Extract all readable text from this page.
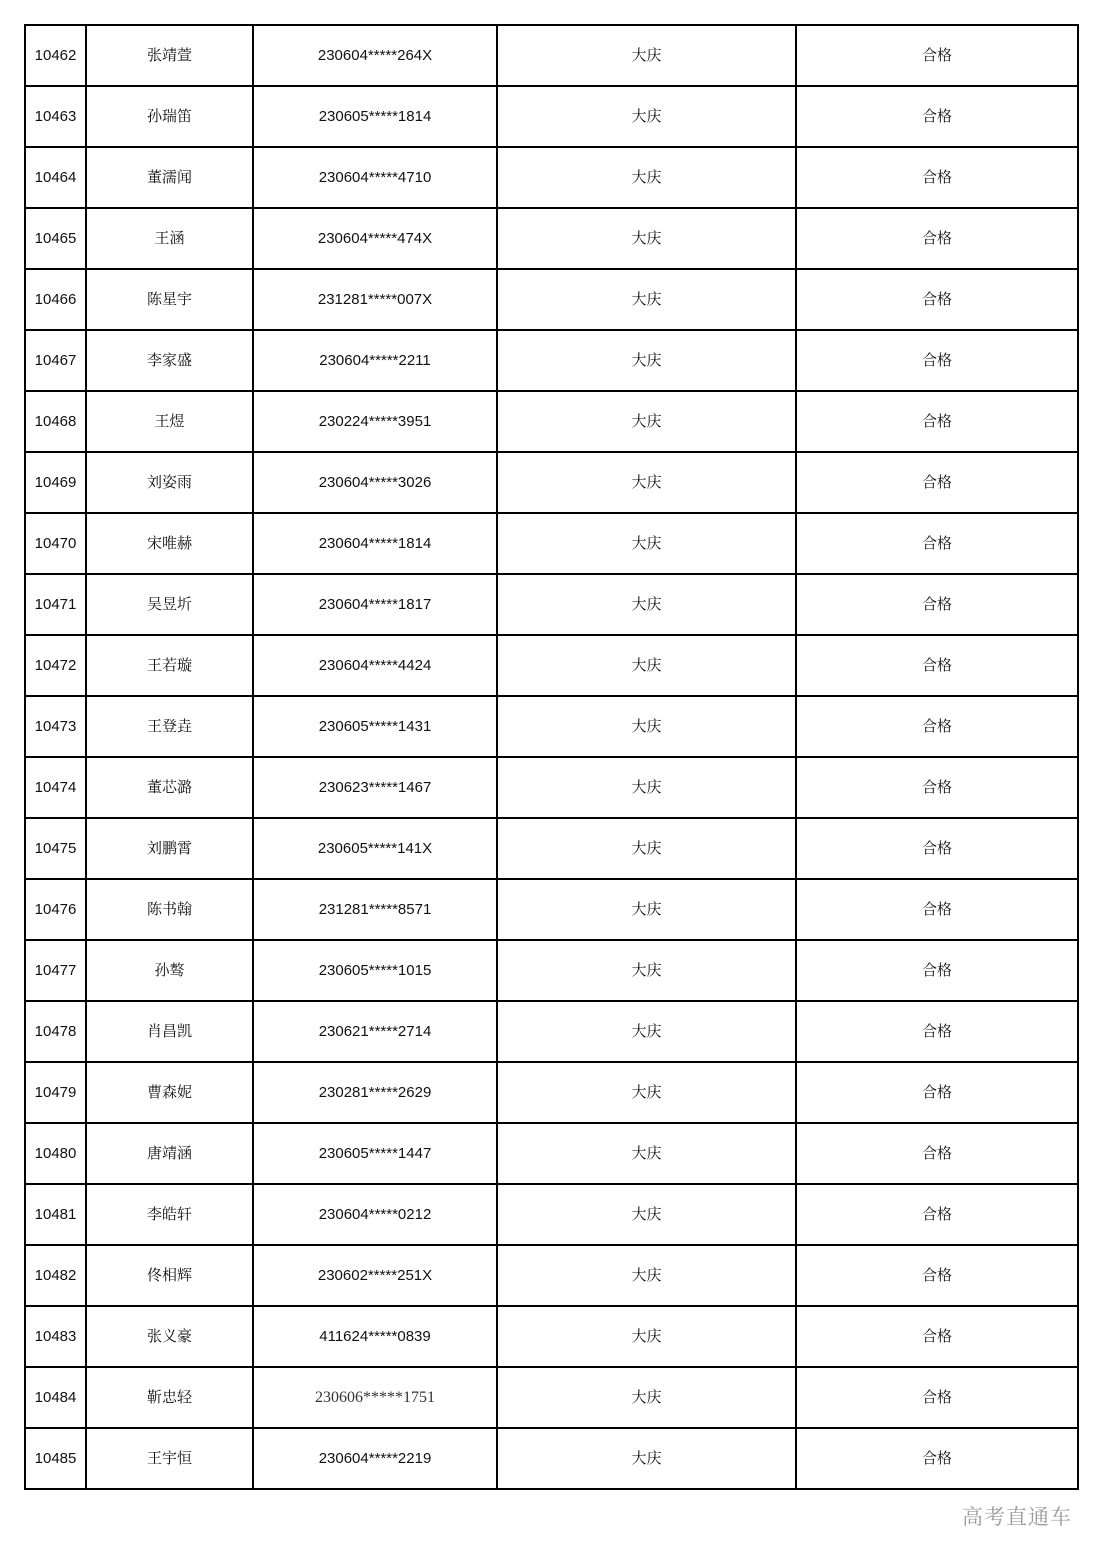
10462	张靖萱	230604*****264X	大庆	合格
10463	孙瑞笛	230605*****1814	大庆	合格
10464	董濡闻	230604*****4710	大庆	合格
10465	王涵	230604*****474X	大庆	合格
10466	陈星宇	231281*****007X	大庆	合格
10467	李家盛	230604*****2211	大庆	合格
10468	王煜	230224*****3951	大庆	合格
10469	刘姿雨	230604*****3026	大庆	合格
10470	宋唯赫	230604*****1814	大庆	合格
10471	吴昱圻	230604*****1817	大庆	合格
10472	王若璇	230604*****4424	大庆	合格
10473	王登垚	230605*****1431	大庆	合格
10474	董芯潞	230623*****1467	大庆	合格
10475	刘鹏霄	230605*****141X	大庆	合格
10476	陈书翰	231281*****8571	大庆	合格
10477	孙骜	230605*****1015	大庆	合格
10478	肖昌凯	230621*****2714	大庆	合格
10479	曹森妮	230281*****2629	大庆	合格
10480	唐靖涵	230605*****1447	大庆	合格
10481	李皓轩	230604*****0212	大庆	合格
10482	佟相辉	230602*****251X	大庆	合格
10483	张义豪	411624*****0839	大庆	合格
10484	靳忠轻	230606*****1751	大庆	合格
10485	王宇恒	230604*****2219	大庆	合格
高考直通车
